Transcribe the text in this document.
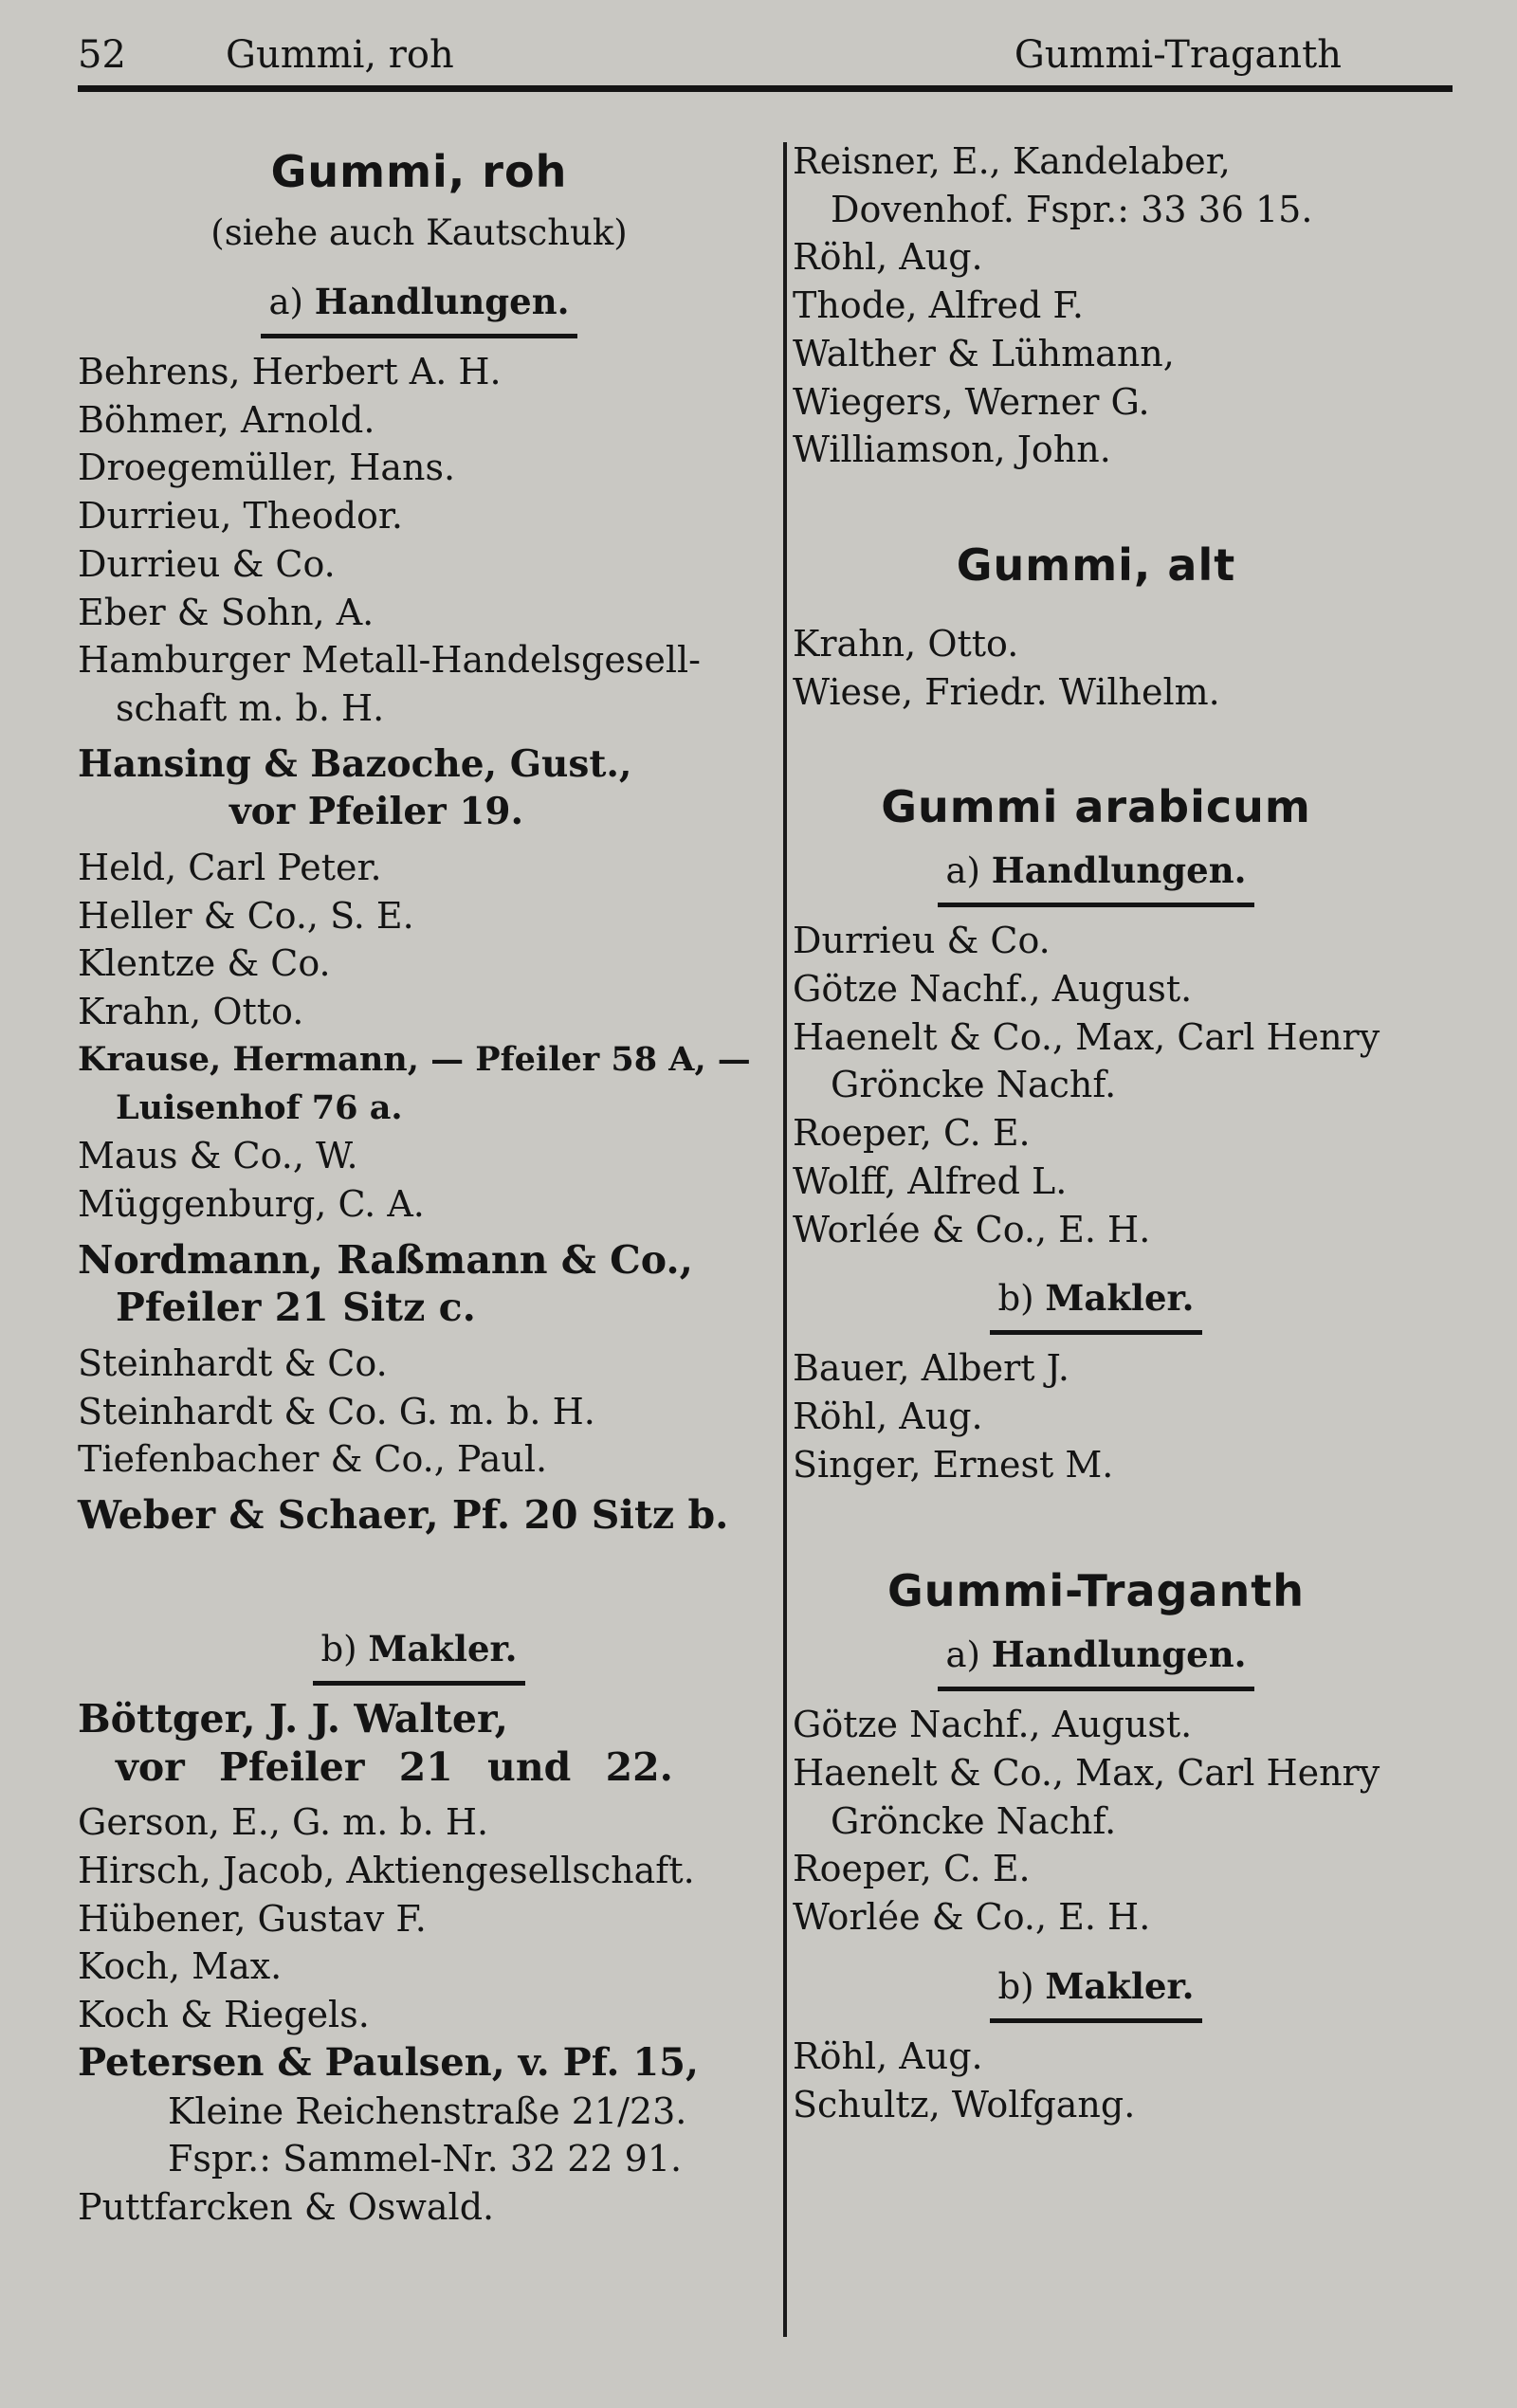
52	Gummi, roh	Gummi-Traganth
Gummi, roh
(siehe auch Kautschuk)
a) Handlungen.
Behrens, Herbert A. H.
Böhmer, Arnold.
Droegemüller, Hans.
Durrieu, Theodor.
Durrieu & Co.
Eber & Sohn, A.
Hamburger Metall-Handelsgesell-
schaft m. b. H.
Hansing & Bazoche, Gust.,
vor Pfeiler 19.
Held, Carl Peter.
Heller & Co., S. E.
Klentze & Co.
Krahn, Otto.
Krause, Hermann, — Pfeiler 58 A, —
Luisenhof 76 a.
Maus & Co., W.
Müggenburg, C. A.
Nordmann, Raßmann & Co.,
Pfeiler 21 Sitz c.
Steinhardt & Co.
Steinhardt & Co. G. m. b. H.
Tiefenbacher & Co., Paul.
Weber & Schaer, Pf. 20 Sitz b.
b) Makler.
Böttger, J. J. Walter,
vor Pfeiler 21 und 22.
Gerson, E., G. m. b. H.
Hirsch, Jacob, Aktiengesellschaft.
Hübener, Gustav F.
Koch, Max.
Koch & Riegels.
Petersen & Paulsen, v. Pf. 15,
Kleine Reichenstraße 21/23.
Fspr.: Sammel-Nr. 32 22 91.
Puttfarcken & Oswald.
Reisner, E., Kandelaber,
Dovenhof. Fspr.: 33 36 15.
Röhl, Aug.
Thode, Alfred F.
Walther & Lühmann,
Wiegers, Werner G.
Williamson, John.
Gummi, alt
Krahn, Otto.
Wiese, Friedr. Wilhelm.
Gummi arabicum
a) Handlungen.
Durrieu & Co.
Götze Nachf., August.
Haenelt & Co., Max, Carl Henry
Gröncke Nachf.
Roeper, C. E.
Wolff, Alfred L.
Worlée & Co., E. H.
b) Makler.
Bauer, Albert J.
Röhl, Aug.
Singer, Ernest M.
Gummi-Traganth
a) Handlungen.
Götze Nachf., August.
Haenelt & Co., Max, Carl Henry
Gröncke Nachf.
Roeper, C. E.
Worlée & Co., E. H.
b) Makler.
Röhl, Aug.
Schultz, Wolfgang.
